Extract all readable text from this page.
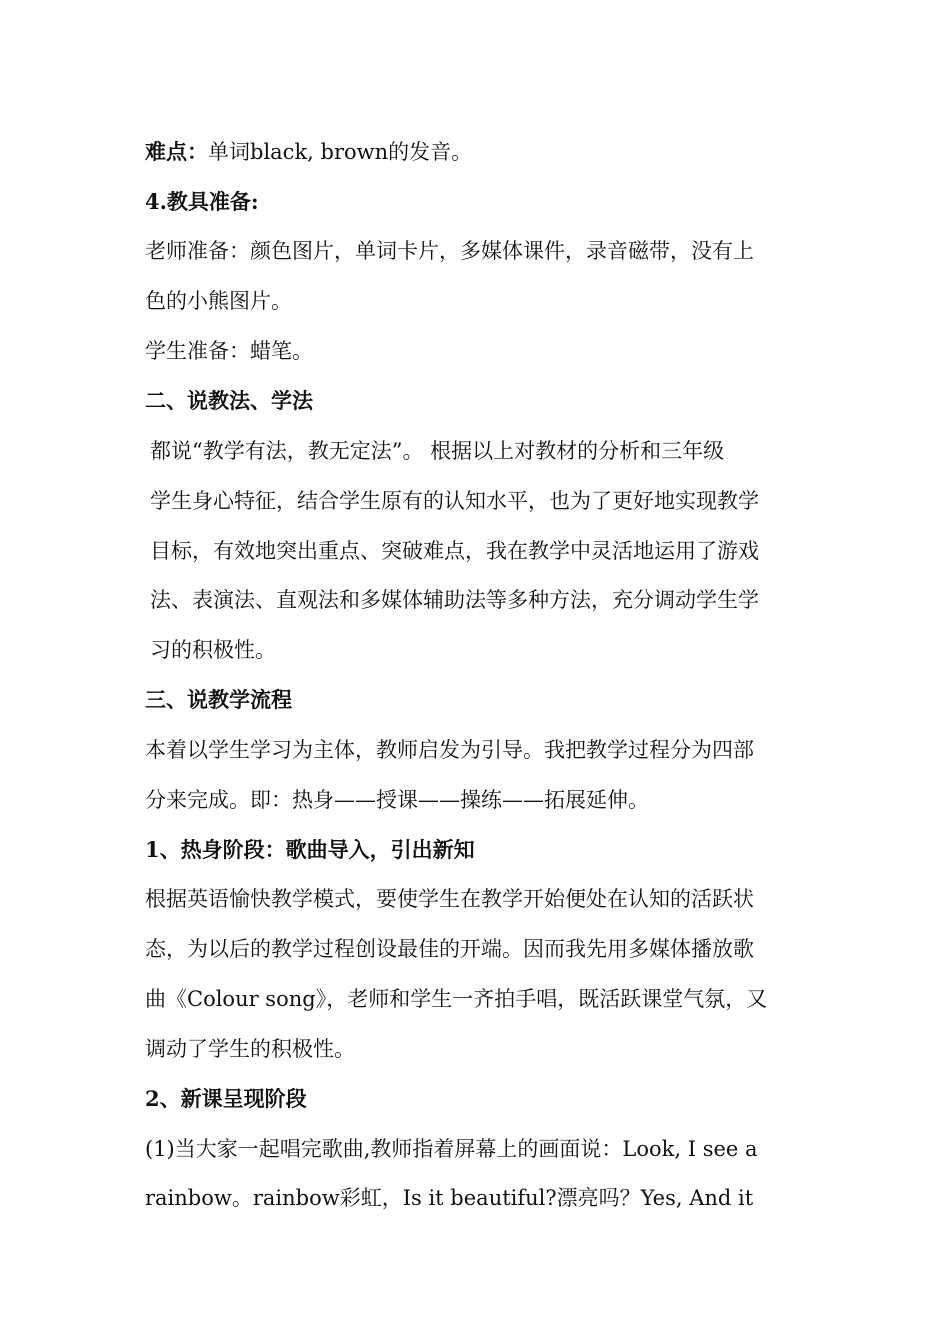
难点：单词black, brown的发音。
4.教具准备:
老师准备：颜色图片，单词卡片，多媒体课件，录音磁带，没有上
色的小熊图片。
学生准备：蜡笔。
二、说教法、学法
都说“教学有法，教无定法”。 根据以上对教材的分析和三年级
学生身心特征，结合学生原有的认知水平，也为了更好地实现教学
目标，有效地突出重点、突破难点，我在教学中灵活地运用了游戏
法、表演法、直观法和多媒体辅助法等多种方法，充分调动学生学
习的积极性。
三、说教学流程
本着以学生学习为主体，教师启发为引导。我把教学过程分为四部
分来完成。即：热身——授课——操练——拓展延伸。
1、热身阶段：歌曲导入，引出新知
根据英语愉快教学模式，要使学生在教学开始便处在认知的活跃状
态，为以后的教学过程创设最佳的开端。因而我先用多媒体播放歌
曲《Colour song》，老师和学生一齐拍手唱，既活跃课堂气氛，又
调动了学生的积极性。
2、新课呈现阶段
(1)当大家一起唱完歌曲,教师指着屏幕上的画面说：Look, I see a
rainbow。rainbow彩虹，Is it beautiful?漂亮吗？Yes, And it
